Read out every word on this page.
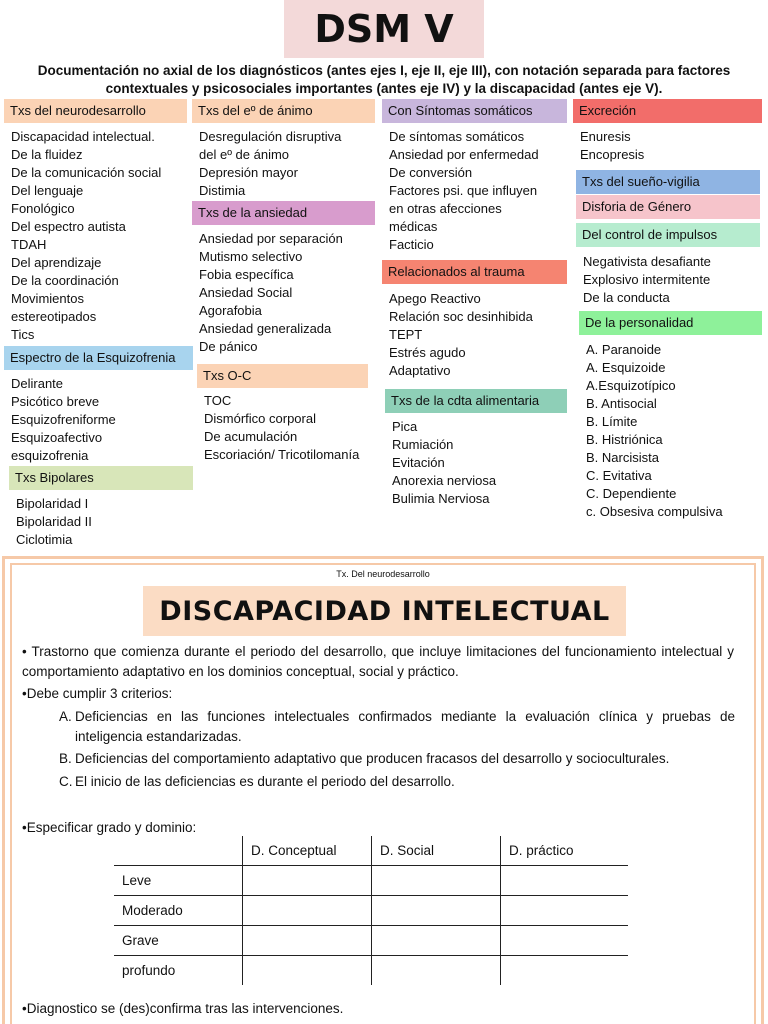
DSM V
Documentación no axial de los diagnósticos (antes ejes I, eje II, eje III), con notación separada para factores contextuales y psicosociales importantes (antes eje IV) y la discapacidad (antes eje V).
Txs del neurodesarrollo
Discapacidad intelectual.
De la fluidez
De la comunicación social
Del lenguaje
Fonológico
Del espectro autista
TDAH
Del aprendizaje
De la coordinación
Movimientos
estereotipados
Tics
Espectro de la Esquizofrenia
Delirante
Psicótico breve
Esquizofreniforme
Esquizoafectivo
esquizofrenia
Txs Bipolares
Bipolaridad I
Bipolaridad II
Ciclotimia
Txs del eº de ánimo
Desregulación disruptiva
del eº de ánimo
Depresión mayor
Distimia
Txs de la ansiedad
Ansiedad por separación
Mutismo selectivo
Fobia específica
Ansiedad Social
Agorafobia
Ansiedad generalizada
De pánico
Txs O-C
TOC
Dismórfico corporal
De acumulación
Escoriación/ Tricotilomanía
Con Síntomas somáticos
De síntomas somáticos
Ansiedad por enfermedad
De conversión
Factores psi. que influyen
en otras afecciones
médicas
Facticio
Relacionados al trauma
Apego Reactivo
Relación soc desinhibida
TEPT
Estrés agudo
Adaptativo
Txs de la cdta alimentaria
Pica
Rumiación
Evitación
Anorexia nerviosa
Bulimia Nerviosa
Excreción
Enuresis
Encopresis
Txs del sueño-vigilia
Disforia de Género
Del control de impulsos
Negativista desafiante
Explosivo intermitente
De la conducta
De la personalidad
A. Paranoide
A. Esquizoide
A.Esquizotípico
B. Antisocial
B. Límite
B. Histriónica
B. Narcisista
C. Evitativa
C. Dependiente
c. Obsesiva compulsiva
Tx. Del neurodesarrollo
DISCAPACIDAD INTELECTUAL
• Trastorno que comienza durante el periodo del desarrollo, que incluye limitaciones del funcionamiento intelectual y comportamiento adaptativo en los dominios conceptual, social y práctico.
•Debe cumplir 3 criterios:
A. Deficiencias en las funciones intelectuales confirmados mediante la evaluación clínica y pruebas de inteligencia estandarizadas.
B. Deficiencias del comportamiento adaptativo que producen fracasos del desarrollo y socioculturales.
C. El inicio de las deficiencias es durante el periodo del desarrollo.
•Especificar grado y dominio:
	D. Conceptual	D. Social	D. práctico
Leve			
Moderado			
Grave			
profundo			
•Diagnostico se (des)confirma tras las intervenciones.
